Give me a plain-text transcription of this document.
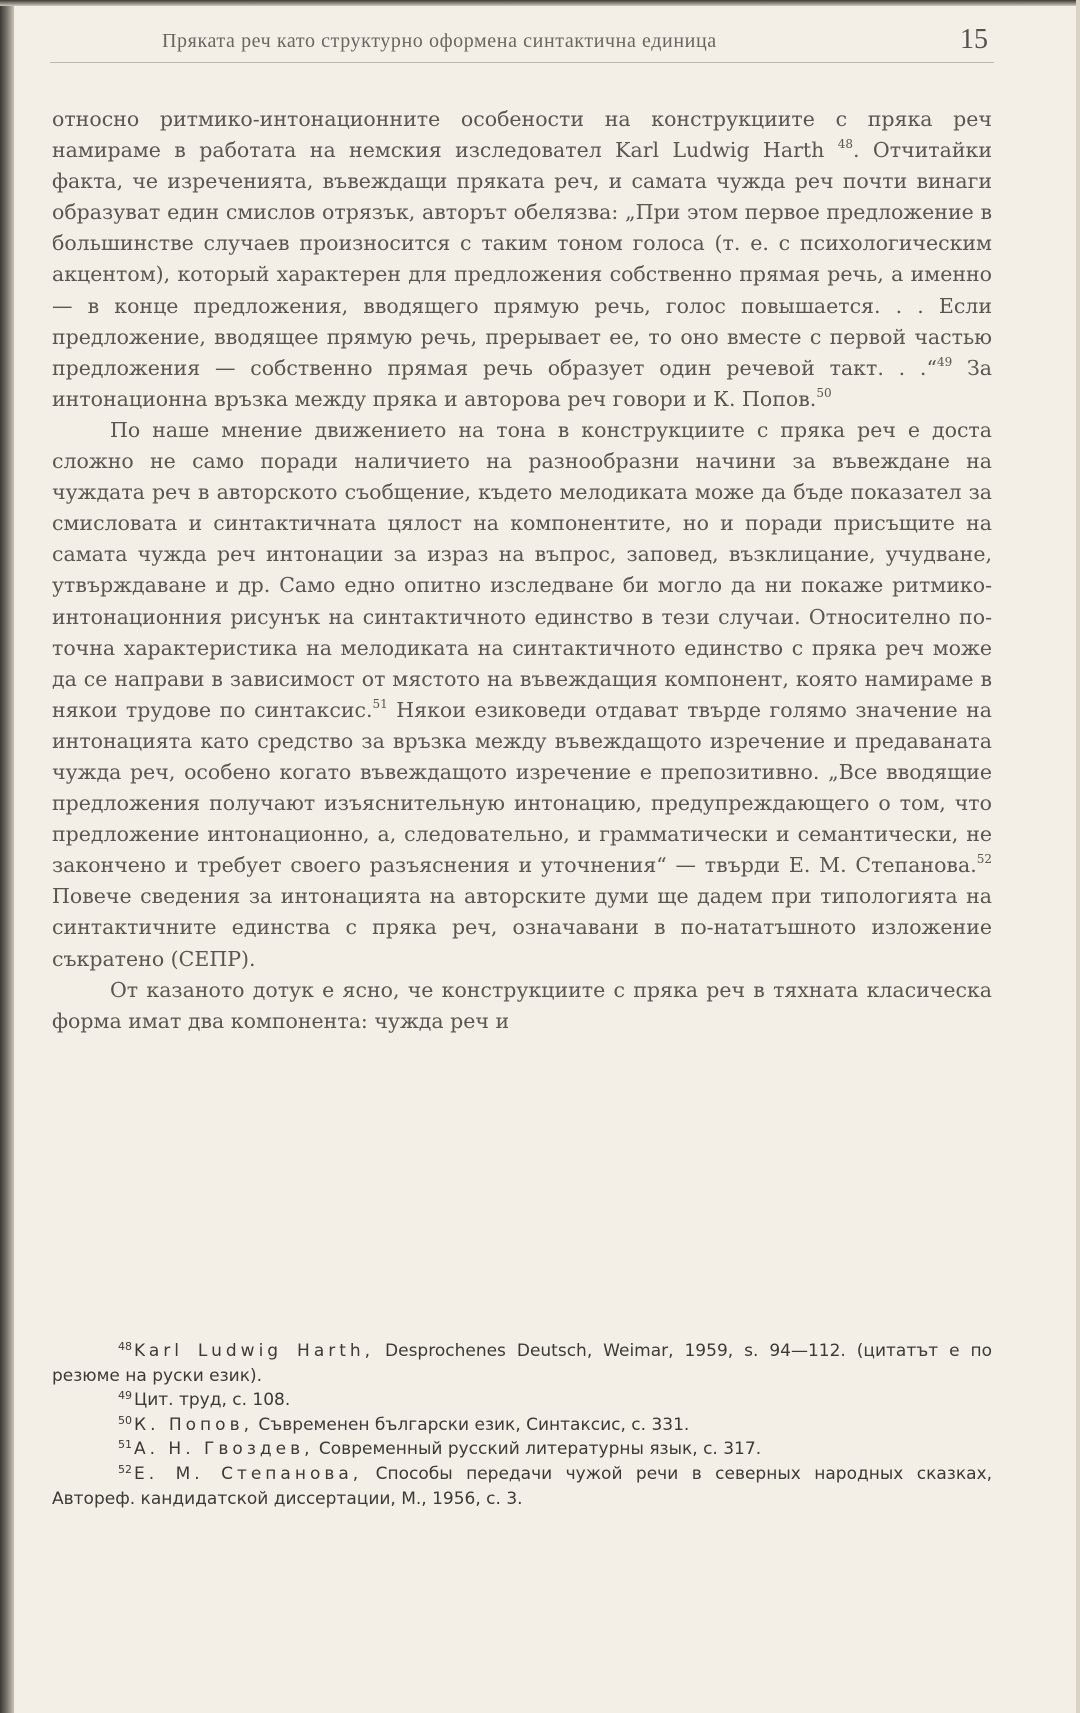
Пряката реч като структурно оформена синтактична единица	15

относно ритмико-интонационните особености на конструкциите с пряка реч намираме в работата на немския изследовател Karl Ludwig Harth $^{48}$. Отчитайки факта, че изреченията, въвеждащи пряката реч, и самата чужда реч почти винаги образуват един смислов отрязък, авторът обелязва: „При этом первое предложение в большинстве случаев произносится с таким тоном голоса (т. е. с психологическим акцентом), который характерен для предложения собственно прямая речь, а именно — в конце предложения, вводящего прямую речь, голос повышается. . . Если предложение, вводящее прямую речь, прерывает ее, то оно вместе с первой частью предложения — собственно прямая речь образует один речевой такт. . .“$^{49}$ За интонационна връзка между пряка и авторова реч говори и К. Попов.$^{50}$

По наше мнение движението на тона в конструкциите с пряка реч е доста сложно не само поради наличието на разнообразни начини за въвеждане на чуждата реч в авторското съобщение, където мелодиката може да бъде показател за смисловата и синтактичната цялост на компонентите, но и поради присъщите на самата чужда реч интонации за израз на въпрос, заповед, възклицание, учудване, утвърждаване и др. Само едно опитно изследване би могло да ни покаже ритмико-интонационния рисунък на синтактичното единство в тези случаи. Относително по-точна характеристика на мелодиката на синтактичното единство с пряка реч може да се направи в зависимост от мястото на въвеждащия компонент, която намираме в някои трудове по синтаксис.$^{51}$ Някои езиковеди отдават твърде голямо значение на интонацията като средство за връзка между въвеждащото изречение и предаваната чужда реч, особено когато въвеждащото изречение е препозитивно. „Все вводящие предложения получают изъяснительную интонацию, предупреждающего о том, что предложение интонационно, а, следовательно, и грамматически и семантически, не закончено и требует своего разъяснения и уточнения“ — твърди Е. М. Степанова.$^{52}$ Повече сведения за интонацията на авторските думи ще дадем при типологията на синтактичните единства с пряка реч, означавани в по-нататъшното изложение съкратено (СЕПР).

От казаното дотук е ясно, че конструкциите с пряка реч в тяхната класическа форма имат два компонента: чужда реч и

$^{48}$ Karl Ludwig Harth, Desprochenes Deutsch, Weimar, 1959, s. 94—112. (цитатът е по резюме на руски език).

$^{49}$ Цит. труд, с. 108.

$^{50}$ К. Попов, Съвременен български език, Синтаксис, с. 331.

$^{51}$ А. Н. Гвоздев, Современный русский литературны язык, с. 317.

$^{52}$ Е. М. Степанова, Способы передачи чужой речи в северных народных сказках, Автореф. кандидатской диссертации, М., 1956, с. 3.
